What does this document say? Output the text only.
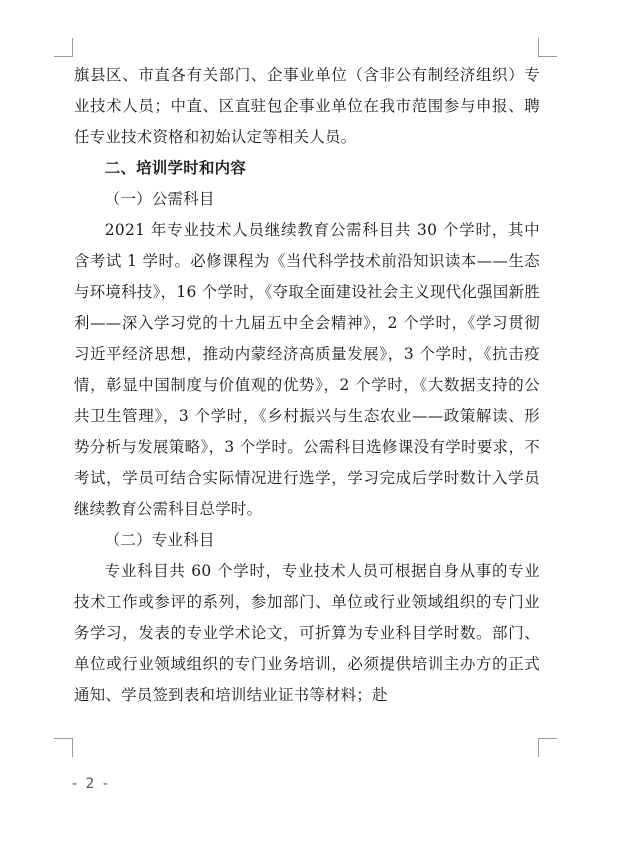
旗县区、市直各有关部门、企事业单位（含非公有制经济组织）专业技术人员；中直、区直驻包企事业单位在我市范围参与申报、聘任专业技术资格和初始认定等相关人员。

二、培训学时和内容

（一）公需科目

2021 年专业技术人员继续教育公需科目共 30 个学时，其中含考试 1 学时。必修课程为《当代科学技术前沿知识读本——生态与环境科技》，16 个学时，《夺取全面建设社会主义现代化强国新胜利——深入学习党的十九届五中全会精神》，2 个学时，《学习贯彻习近平经济思想，推动内蒙经济高质量发展》，3 个学时，《抗击疫情，彰显中国制度与价值观的优势》，2 个学时，《大数据支持的公共卫生管理》，3 个学时，《乡村振兴与生态农业——政策解读、形势分析与发展策略》，3 个学时。公需科目选修课没有学时要求，不考试，学员可结合实际情况进行选学，学习完成后学时数计入学员继续教育公需科目总学时。

（二）专业科目

专业科目共 60 个学时，专业技术人员可根据自身从事的专业技术工作或参评的系列，参加部门、单位或行业领域组织的专门业务学习，发表的专业学术论文，可折算为专业科目学时数。部门、单位或行业领域组织的专门业务培训，必须提供培训主办方的正式通知、学员签到表和培训结业证书等材料；赴

- 2 -
